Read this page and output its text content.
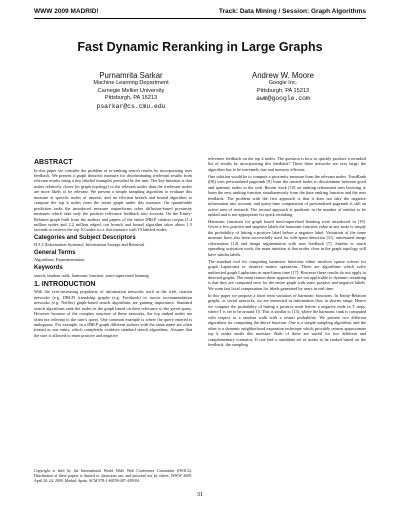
WWW 2009 MADRID!	Track: Data Mining / Session: Graph Algorithms
Fast Dynamic Reranking in Large Graphs
Purnamrita Sarkar
Machine Learning Department
Carnegie Mellon University
Pittsburgh, PA 15213
psarkar@cs.cmu.edu
Andrew W. Moore
Google Inc.
Pittsburgh, PA 15213
awm@google.com

ABSTRACT

In this paper we consider the problem of re-ranking search results by incorporating user feedback. We present a graph theoretic measure for discriminating irrelevant results from relevant results using a few labeled examples provided by the user. The key intuition is that nodes relatively closer (in graph topology) to the relevant nodes than the irrelevant nodes are more likely to be relevant. We present a simple sampling algorithm to evaluate this measure at specific nodes of interest, and an efficient branch and bound algorithm to compute the top k nodes from the entire graph under this measure. On quantifiable prediction tasks the introduced measure outperforms other diffusion-based proximity measures which take only the positive relevance feedback into account. On the Entity-Relation graph built from the authors and papers of the entire DBLP citation corpus (1.4 million nodes and 2.2 million edges) our branch and bound algorithm takes about 1.5 seconds to retrieve the top 10 nodes w.r.t. this measure with 10 labeled nodes.

Categories and Subject Descriptors

H.3.3 [Information Systems]: Information Storage and Retrieval

General Terms

Algorithms, Experimentation

Keywords

search, random walk, harmonic function, semi-supervised learning

1. INTRODUCTION

With the ever-increasing popularity of information networks such as the web, citation networks (e.g. DBLP) friendship graphs (e.g. Facebook) or movie recommendation networks (e.g. Netflix) graph-based search algorithms are gaining importance. Standard search algorithms rank the nodes in the graph based on their relevance to the given query. However because of the complex structure of these networks, the top ranked nodes are often not relevant to the user's query. One common example is where the query entered is ambiguous. For example, in a DBLP graph different authors with the same name are often treated as one entity, which completely confuses standard search algorithms. Assume that the user is allowed to enter positive and negative

Copyright is held by the International World Wide Web Conference Committee (IW3C2). Distribution of these papers is limited to classroom use, and personal use by others. WWW 2009, April 20–24, 2009, Madrid, Spain. ACM 978-1-60558-487-4/09/04.

relevance feedback on the top k nodes. The question is how to quickly produce a reranked list of results by incorporating this feedback? These three networks are very large, the algorithm has to be extremely fast and memory efficient.

One solution would be to compute a proximity measure from the relevant nodes. TrustRank ([8]) uses personalized pagerank [9] from the trusted nodes to discriminate between good and spammy nodes in the web. Recent work [10] on ranking refinement uses boosting to learn the new ranking function simultaneously from the base ranking function and the user feedback. The problem with the first approach is that it does not take the negative information into account, and query-time computation of personalized pagerank is still an active area of research. The second approach is quadratic in the number of entities to be ranked and is not appropriate for quick reranking.

Harmonic functions for graph based semi-supervised learning were introduced in [19]. Given a few positive and negative labels the harmonic function value at any node is simply the probability of hitting a positive label before a negative label. Variations of the same measure have also been successfully used for web-spam detection [11], automated image colorization [14] and image segmentation with user feedback [7]. Similar to much spreading activation work, the main intuition is that nodes close in the graph topology will have similar labels.

The standard tool for computing harmonic functions either involves sparse solvers for graph Laplacians or iterative matrix operations. There are algorithms which solve undirected graph Laplacians in near-linear time [17]. However these results do not apply to directed graphs. The main reason these approaches are not applicable to dynamic reranking is that they are computed once for the entire graph with static positive and negative labels. We want fast local computation for labels generated by users in real time.

In this paper we propose a short term variation of harmonic functions. In Entity-Relation graphs, or social networks, we are interested in information flow in shorter range. Hence we compute the probability of hitting a positive node before a negative node in T steps, where T is set to be around 10. This is similar to [13], where the harmonic rank is computed with respect to a random walk with a restart probability. We present two different algorithms for computing the above function. One is a simple sampling algorithm, and the other is a dynamic neighborhood expansion technique which provably returns approximate top k nodes under this measure. Both of these are useful for two different and complementary scenarios. If one had a candidate set of nodes to be ranked based on the feedback, the sampling

31
